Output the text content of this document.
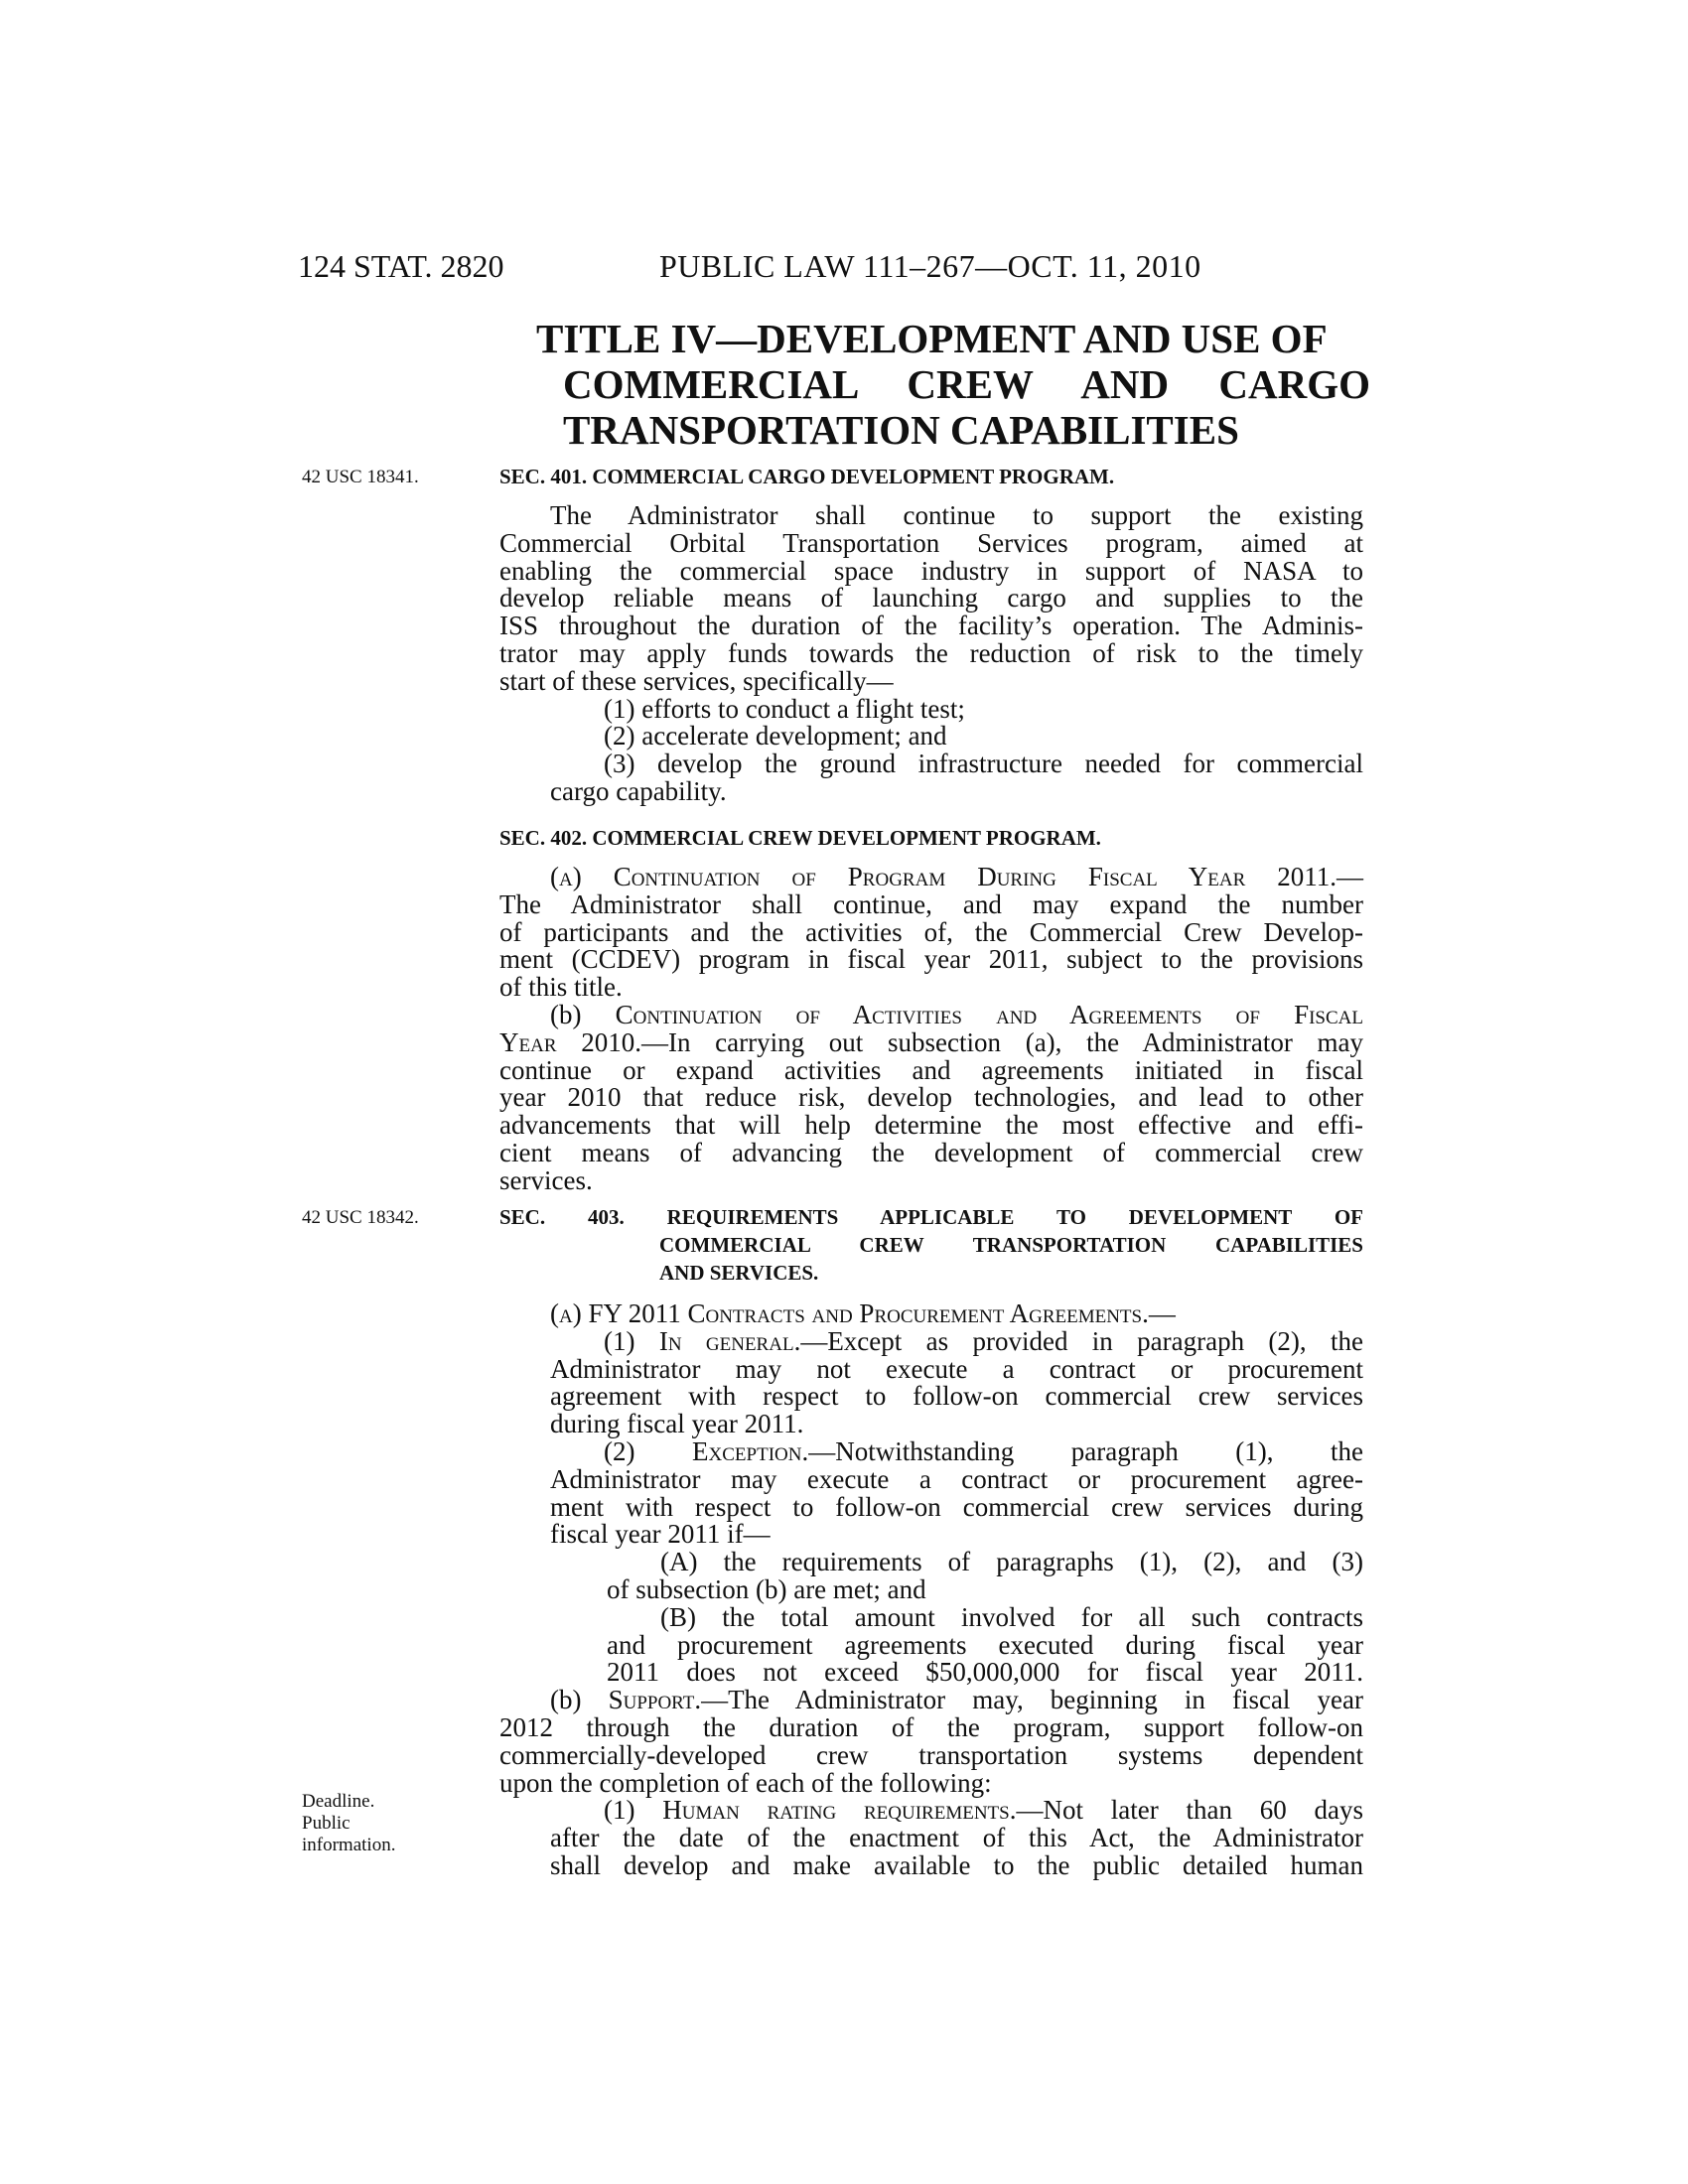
124 STAT. 2820	PUBLIC LAW 111–267—OCT. 11, 2010
TITLE IV—DEVELOPMENT AND USE OF
COMMERCIAL CREW AND CARGO
TRANSPORTATION CAPABILITIES
42 USC 18341.
42 USC 18342.
Deadline.
Public
information.
SEC. 401. COMMERCIAL CARGO DEVELOPMENT PROGRAM.
The Administrator shall continue to support the existing
Commercial Orbital Transportation Services program, aimed at
enabling the commercial space industry in support of NASA to
develop reliable means of launching cargo and supplies to the
ISS throughout the duration of the facility’s operation. The Adminis-
trator may apply funds towards the reduction of risk to the timely
start of these services, specifically—
(1) efforts to conduct a flight test;
(2) accelerate development; and
(3) develop the ground infrastructure needed for commercial
cargo capability.
SEC. 402. COMMERCIAL CREW DEVELOPMENT PROGRAM.
(a) Continuation of Program During Fiscal Year 2011.—
The Administrator shall continue, and may expand the number
of participants and the activities of, the Commercial Crew Develop-
ment (CCDEV) program in fiscal year 2011, subject to the provisions
of this title.
(b) Continuation of Activities and Agreements of Fiscal
Year 2010.—In carrying out subsection (a), the Administrator may
continue or expand activities and agreements initiated in fiscal
year 2010 that reduce risk, develop technologies, and lead to other
advancements that will help determine the most effective and effi-
cient means of advancing the development of commercial crew
services.
SEC. 403. REQUIREMENTS APPLICABLE TO DEVELOPMENT OF
COMMERCIAL CREW TRANSPORTATION CAPABILITIES
AND SERVICES.
(a) FY 2011 Contracts and Procurement Agreements.—
(1) In general.—Except as provided in paragraph (2), the
Administrator may not execute a contract or procurement
agreement with respect to follow-on commercial crew services
during fiscal year 2011.
(2) Exception.—Notwithstanding paragraph (1), the
Administrator may execute a contract or procurement agree-
ment with respect to follow-on commercial crew services during
fiscal year 2011 if—
(A) the requirements of paragraphs (1), (2), and (3)
of subsection (b) are met; and
(B) the total amount involved for all such contracts
and procurement agreements executed during fiscal year
2011 does not exceed $50,000,000 for fiscal year 2011.
(b) Support.—The Administrator may, beginning in fiscal year
2012 through the duration of the program, support follow-on
commercially-developed crew transportation systems dependent
upon the completion of each of the following:
(1) Human rating requirements.—Not later than 60 days
after the date of the enactment of this Act, the Administrator
shall develop and make available to the public detailed human
